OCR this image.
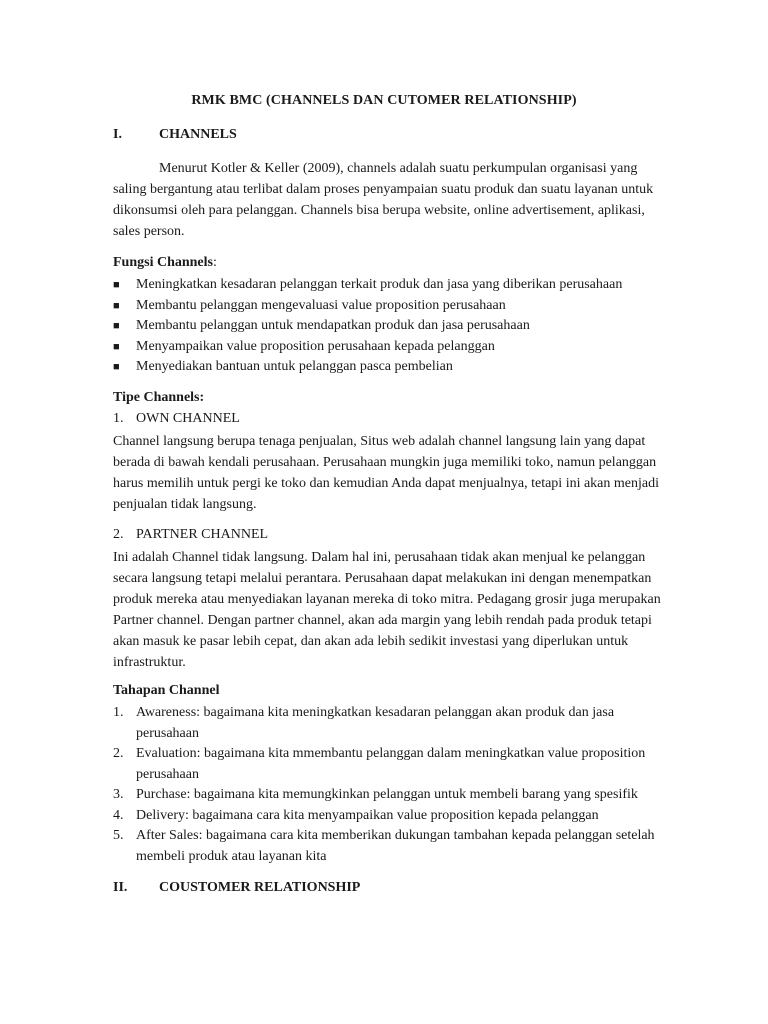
RMK BMC (CHANNELS DAN CUTOMER RELATIONSHIP)
I.	CHANNELS

Menurut Kotler & Keller (2009), channels adalah suatu perkumpulan organisasi yang saling bergantung atau terlibat dalam proses penyampaian suatu produk dan suatu layanan untuk dikonsumsi oleh para pelanggan. Channels bisa berupa website, online advertisement, aplikasi, sales person.

Fungsi Channels:
■ Meningkatkan kesadaran pelanggan terkait produk dan jasa yang diberikan perusahaan
■ Membantu pelanggan mengevaluasi value proposition perusahaan
■ Membantu pelanggan untuk mendapatkan produk dan jasa perusahaan
■ Menyampaikan value proposition perusahaan kepada pelanggan
■ Menyediakan bantuan untuk pelanggan pasca pembelian
Tipe Channels:
1. OWN CHANNEL

Channel langsung berupa tenaga penjualan, Situs web adalah channel langsung lain yang dapat berada di bawah kendali perusahaan. Perusahaan mungkin juga memiliki toko, namun pelanggan harus memilih untuk pergi ke toko dan kemudian Anda dapat menjualnya, tetapi ini akan menjadi penjualan tidak langsung.

2. PARTNER CHANNEL

Ini adalah Channel tidak langsung. Dalam hal ini, perusahaan tidak akan menjual ke pelanggan secara langsung tetapi melalui perantara. Perusahaan dapat melakukan ini dengan menempatkan produk mereka atau menyediakan layanan mereka di toko mitra. Pedagang grosir juga merupakan Partner channel. Dengan partner channel, akan ada margin yang lebih rendah pada produk tetapi akan masuk ke pasar lebih cepat, dan akan ada lebih sedikit investasi yang diperlukan untuk infrastruktur.

Tahapan Channel
1. Awareness: bagaimana kita meningkatkan kesadaran pelanggan akan produk dan jasa perusahaan
2. Evaluation: bagaimana kita mmembantu pelanggan dalam meningkatkan value proposition perusahaan
3. Purchase: bagaimana kita memungkinkan pelanggan untuk membeli barang yang spesifik
4. Delivery: bagaimana cara kita menyampaikan value proposition kepada pelanggan
5. After Sales: bagaimana cara kita memberikan dukungan tambahan kepada pelanggan setelah membeli produk atau layanan kita
II. COUSTOMER RELATIONSHIP
